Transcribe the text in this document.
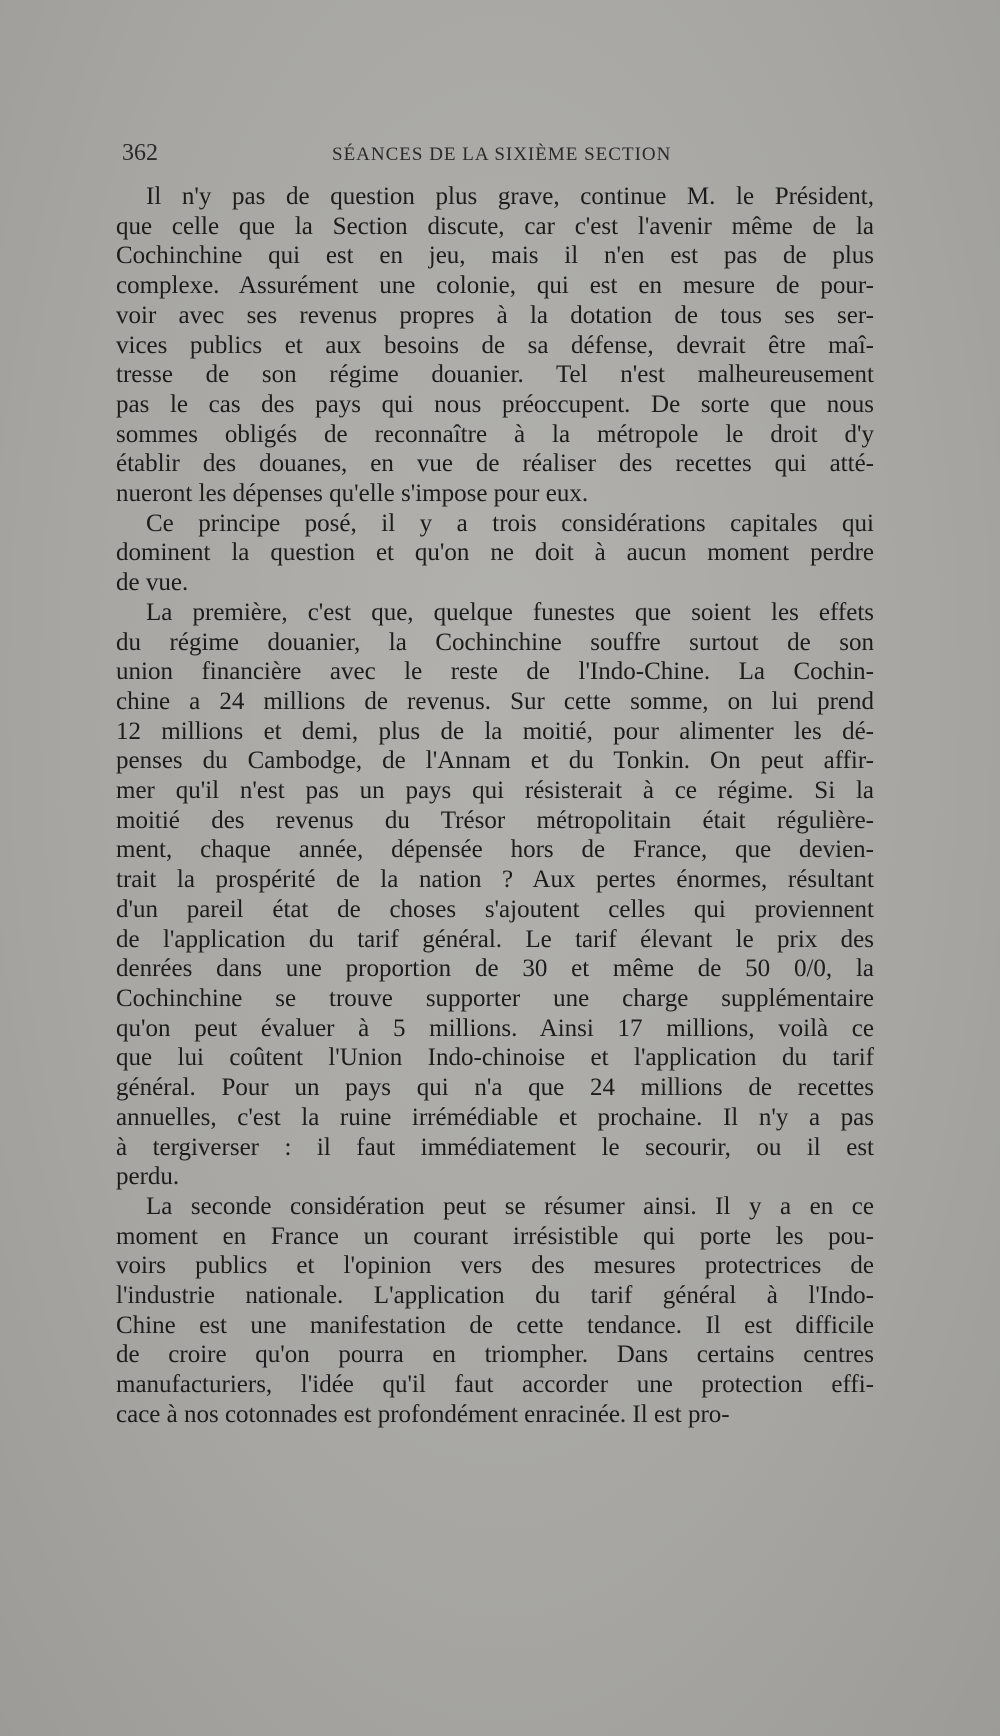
362	SÉANCES DE LA SIXIÈME SECTION

Il n'y pas de question plus grave, continue M. le Président,
que celle que la Section discute, car c'est l'avenir même de la
Cochinchine qui est en jeu, mais il n'en est pas de plus
complexe. Assurément une colonie, qui est en mesure de pour-
voir avec ses revenus propres à la dotation de tous ses ser-
vices publics et aux besoins de sa défense, devrait être maî-
tresse de son régime douanier. Tel n'est malheureusement
pas le cas des pays qui nous préoccupent. De sorte que nous
sommes obligés de reconnaître à la métropole le droit d'y
établir des douanes, en vue de réaliser des recettes qui atté-
nueront les dépenses qu'elle s'impose pour eux.

Ce principe posé, il y a trois considérations capitales qui
dominent la question et qu'on ne doit à aucun moment perdre
de vue.

La première, c'est que, quelque funestes que soient les effets
du régime douanier, la Cochinchine souffre surtout de son
union financière avec le reste de l'Indo-Chine. La Cochin-
chine a 24 millions de revenus. Sur cette somme, on lui prend
12 millions et demi, plus de la moitié, pour alimenter les dé-
penses du Cambodge, de l'Annam et du Tonkin. On peut affir-
mer qu'il n'est pas un pays qui résisterait à ce régime. Si la
moitié des revenus du Trésor métropolitain était régulière-
ment, chaque année, dépensée hors de France, que devien-
trait la prospérité de la nation ? Aux pertes énormes, résultant
d'un pareil état de choses s'ajoutent celles qui proviennent
de l'application du tarif général. Le tarif élevant le prix des
denrées dans une proportion de 30 et même de 50 0/0, la
Cochinchine se trouve supporter une charge supplémentaire
qu'on peut évaluer à 5 millions. Ainsi 17 millions, voilà ce
que lui coûtent l'Union Indo-chinoise et l'application du tarif
général. Pour un pays qui n'a que 24 millions de recettes
annuelles, c'est la ruine irrémédiable et prochaine. Il n'y a pas
à tergiverser : il faut immédiatement le secourir, ou il est
perdu.

La seconde considération peut se résumer ainsi. Il y a en ce
moment en France un courant irrésistible qui porte les pou-
voirs publics et l'opinion vers des mesures protectrices de
l'industrie nationale. L'application du tarif général à l'Indo-
Chine est une manifestation de cette tendance. Il est difficile
de croire qu'on pourra en triompher. Dans certains centres
manufacturiers, l'idée qu'il faut accorder une protection effi-
cace à nos cotonnades est profondément enracinée. Il est pro-
